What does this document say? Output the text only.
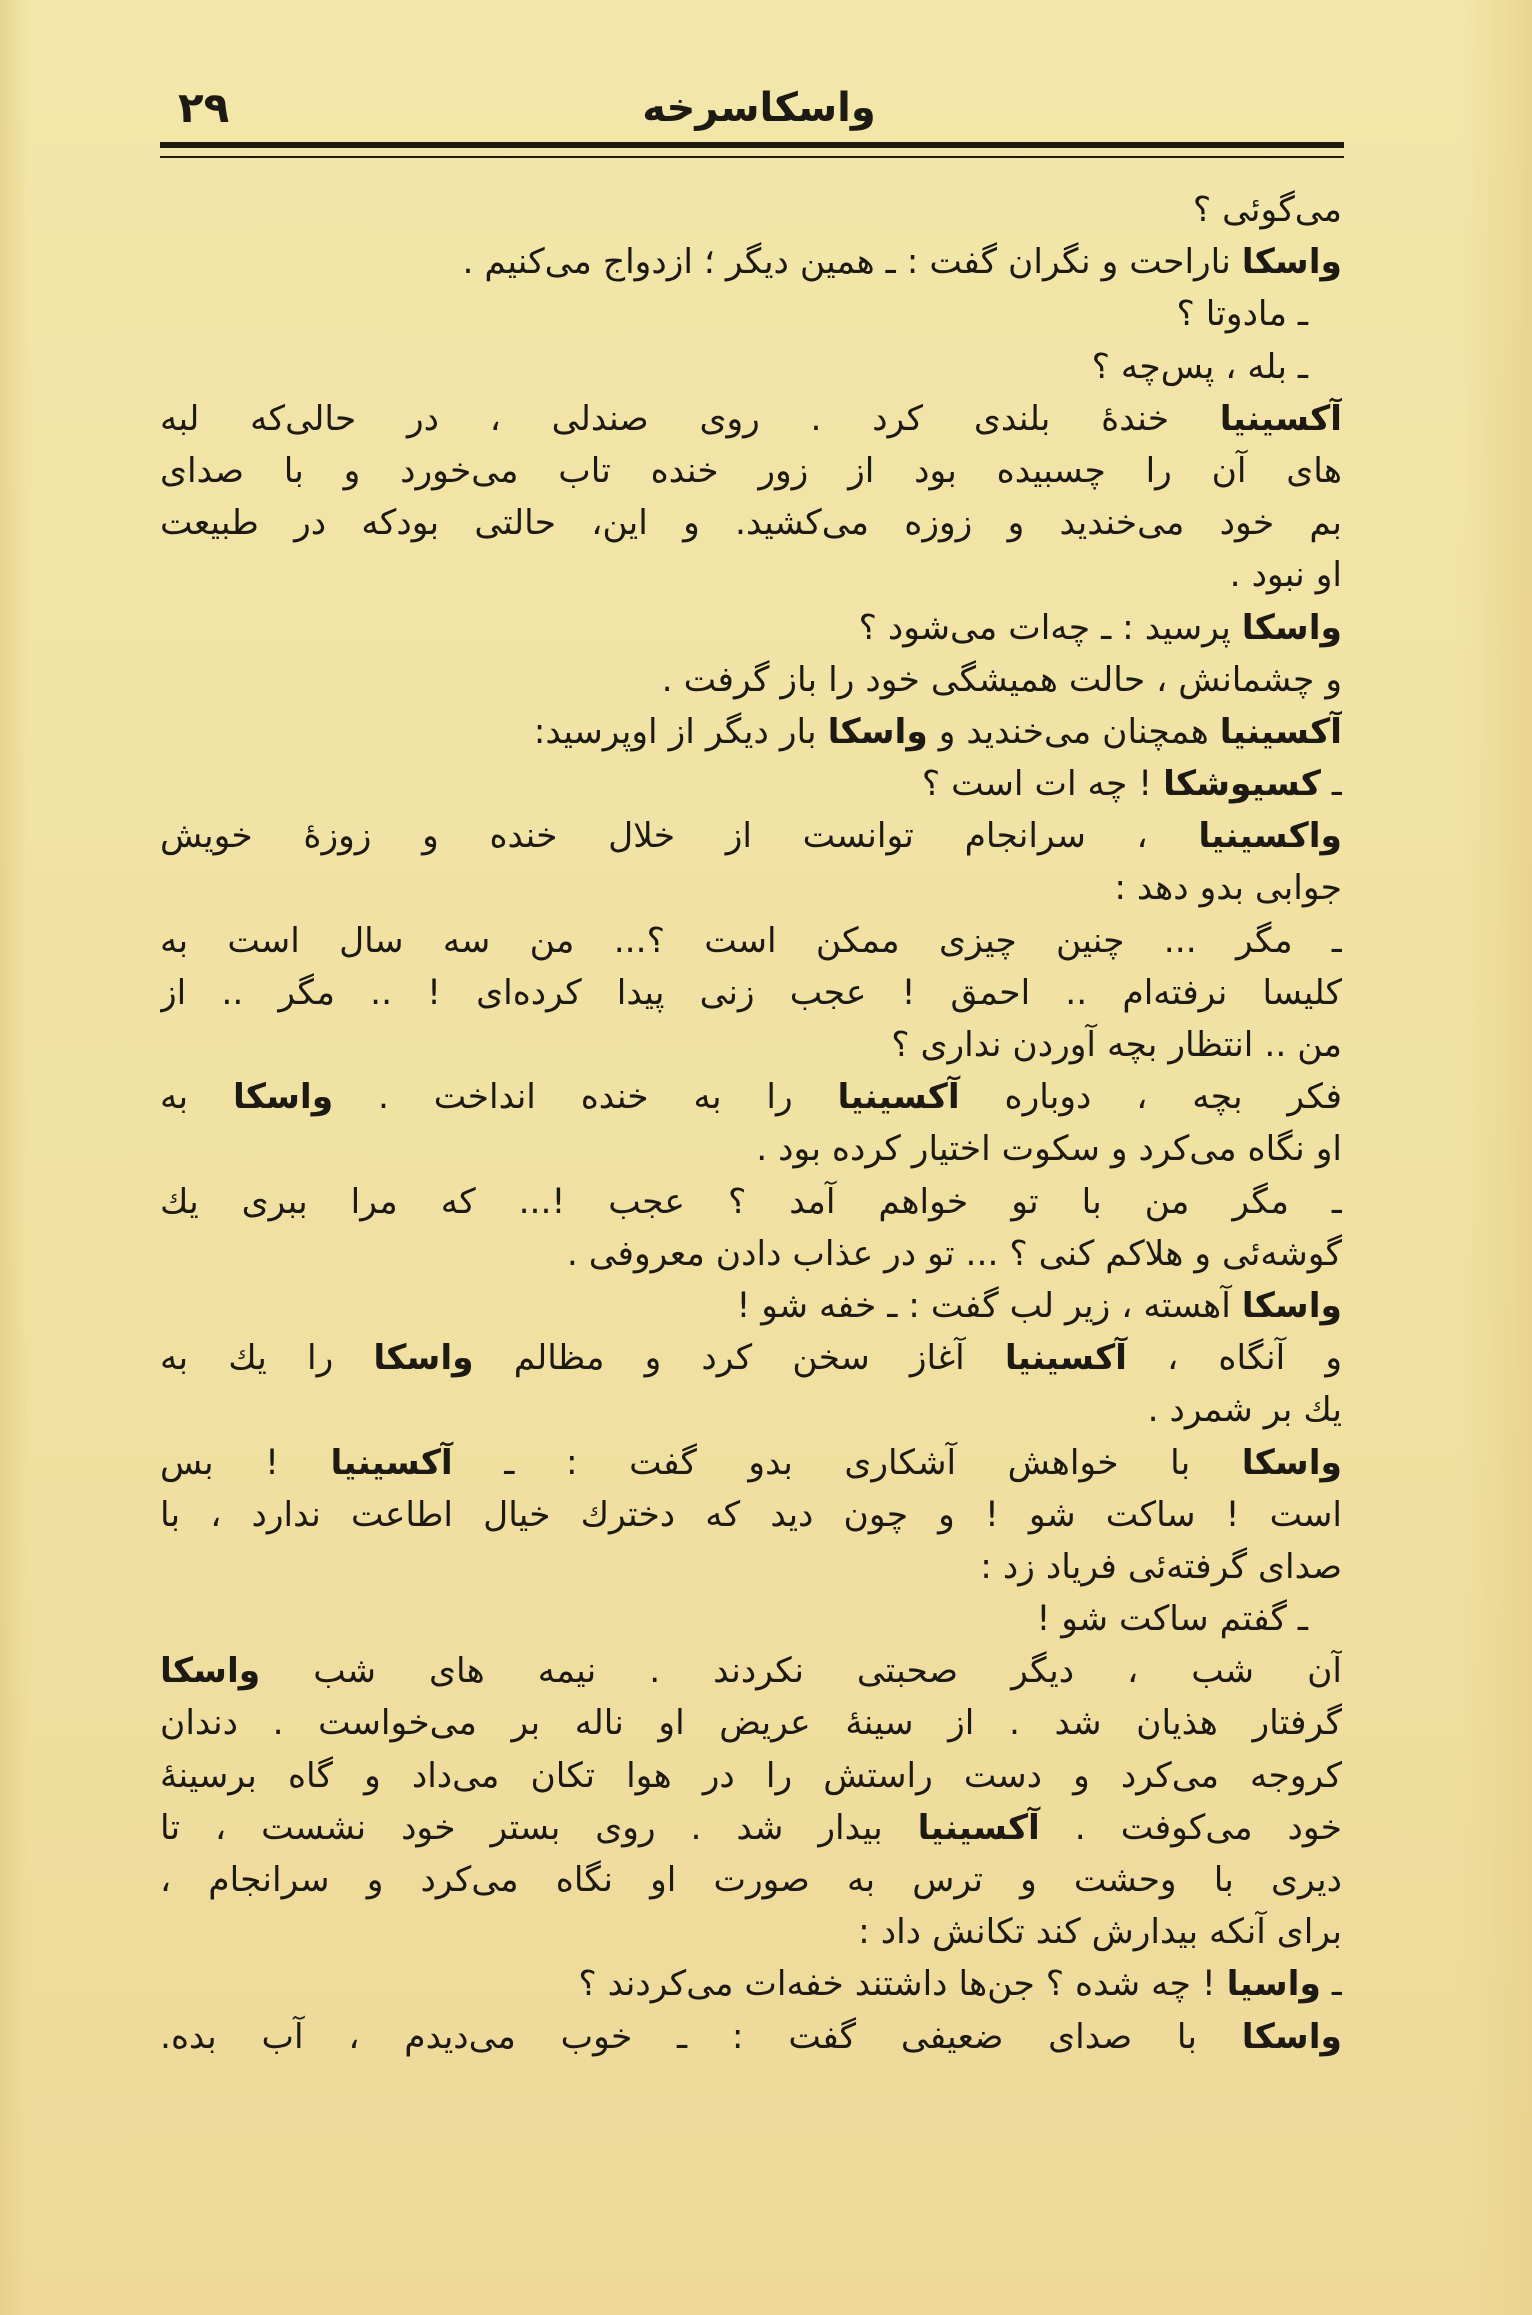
۲۹	واسکاسرخه
می‌گوئی ؟
واسکا ناراحت و نگران گفت : ـ همین دیگر ؛ ازدواج می‌کنیم .
ـ مادوتا ؟
ـ بله ، پس‌چه ؟
آکسینیا خندهٔ بلندی کرد . روی صندلی ، در حالی‌که لبه
های آن را چسبیده بود از زور خنده تاب می‌خورد و با صدای
بم خود می‌خندید و زوزه می‌کشید. و این، حالتی بودکه در طبیعت
او نبود .
واسکا پرسید : ـ چه‌ات می‌شود ؟
و چشمانش ، حالت همیشگی خود را باز گرفت .
آکسینیا همچنان می‌خندید و واسکا بار دیگر از اوپرسید:
ـ کسیوشکا ! چه ات است ؟
واکسینیا ، سرانجام توانست از خلال خنده و زوزهٔ خویش
جوابی بدو دهد :
ـ مگر ... چنین چیزی ممکن است ؟... من سه سال است به
کلیسا نرفته‌ام .. احمق ! عجب زنی پیدا کرده‌ای ! .. مگر .. از
من .. انتظار بچه آوردن نداری ؟
فکر بچه ، دوباره آکسینیا را به خنده انداخت . واسکا به
او نگاه می‌کرد و سکوت اختیار کرده بود .
ـ مگر من با تو خواهم آمد ؟ عجب !... که مرا ببری یك
گوشه‌ئی و هلاکم کنی ؟ ... تو در عذاب دادن معروفی .
واسکا آهسته ، زیر لب گفت : ـ خفه شو !
و آنگاه ، آکسینیا آغاز سخن کرد و مظالم واسکا را یك به
یك بر شمرد .
واسکا با خواهش آشکاری بدو گفت : ـ آکسینیا ! بس
است ! ساکت شو ! و چون دید که دخترك خیال اطاعت ندارد ، با
صدای گرفته‌ئی فریاد زد :
ـ گفتم ساکت شو !
آن شب ، دیگر صحبتی نکردند . نیمه های شب واسکا
گرفتار هذیان شد . از سینهٔ عریض او ناله بر می‌خواست . دندان
کروجه می‌کرد و دست راستش را در هوا تکان می‌داد و گاه برسینهٔ
خود می‌کوفت . آکسینیا بیدار شد . روی بستر خود نشست ، تا
دیری با وحشت و ترس به صورت او نگاه می‌کرد و سرانجام ،
برای آنکه بیدارش کند تکانش داد :
ـ واسیا ! چه شده ؟ جن‌ها داشتند خفه‌ات می‌کردند ؟
واسکا با صدای ضعیفی گفت : ـ خوب می‌دیدم ، آب بده.
